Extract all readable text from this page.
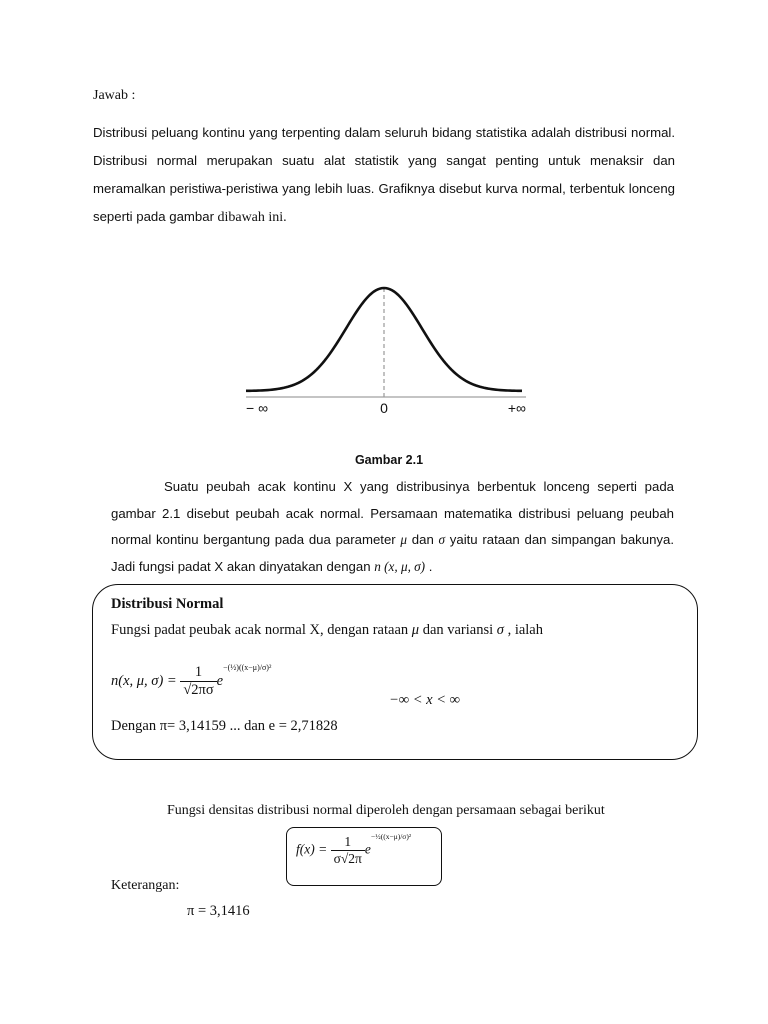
Jawab :
Distribusi peluang kontinu yang terpenting dalam seluruh bidang statistika adalah distribusi normal. Distribusi normal merupakan suatu alat statistik yang sangat penting untuk menaksir dan meramalkan peristiwa-peristiwa yang lebih luas. Grafiknya disebut kurva normal, terbentuk lonceng seperti pada gambar dibawah ini.
− ∞	0	+∞
Gambar 2.1
Suatu peubah acak kontinu X yang distribusinya berbentuk lonceng seperti pada gambar 2.1 disebut peubah acak normal. Persamaan matematika distribusi peluang peubah normal kontinu bergantung pada dua parameter μ dan σ yaitu rataan dan simpangan bakunya. Jadi fungsi padat X akan dinyatakan dengan n (x, μ, σ) .
Distribusi Normal
Fungsi padat peubak acak normal X, dengan rataan μ dan variansi σ , ialah
n(x, μ, $\sigma) = \frac{1}{√2\pi\sigma} e^{-(\frac{1}{2})((x-\mu)/\sigma)^2}$
−∞ < x < ∞
Dengan π= 3,14159 ... dan e = 2,71828
Fungsi densitas distribusi normal diperoleh dengan persamaan sebagai berikut
$f(x) = \frac{1}{\sigma√2\pi} e^{-\frac{1}{2}((x-\mu)/\sigma)^2}$
Keterangan:
π = 3,1416
